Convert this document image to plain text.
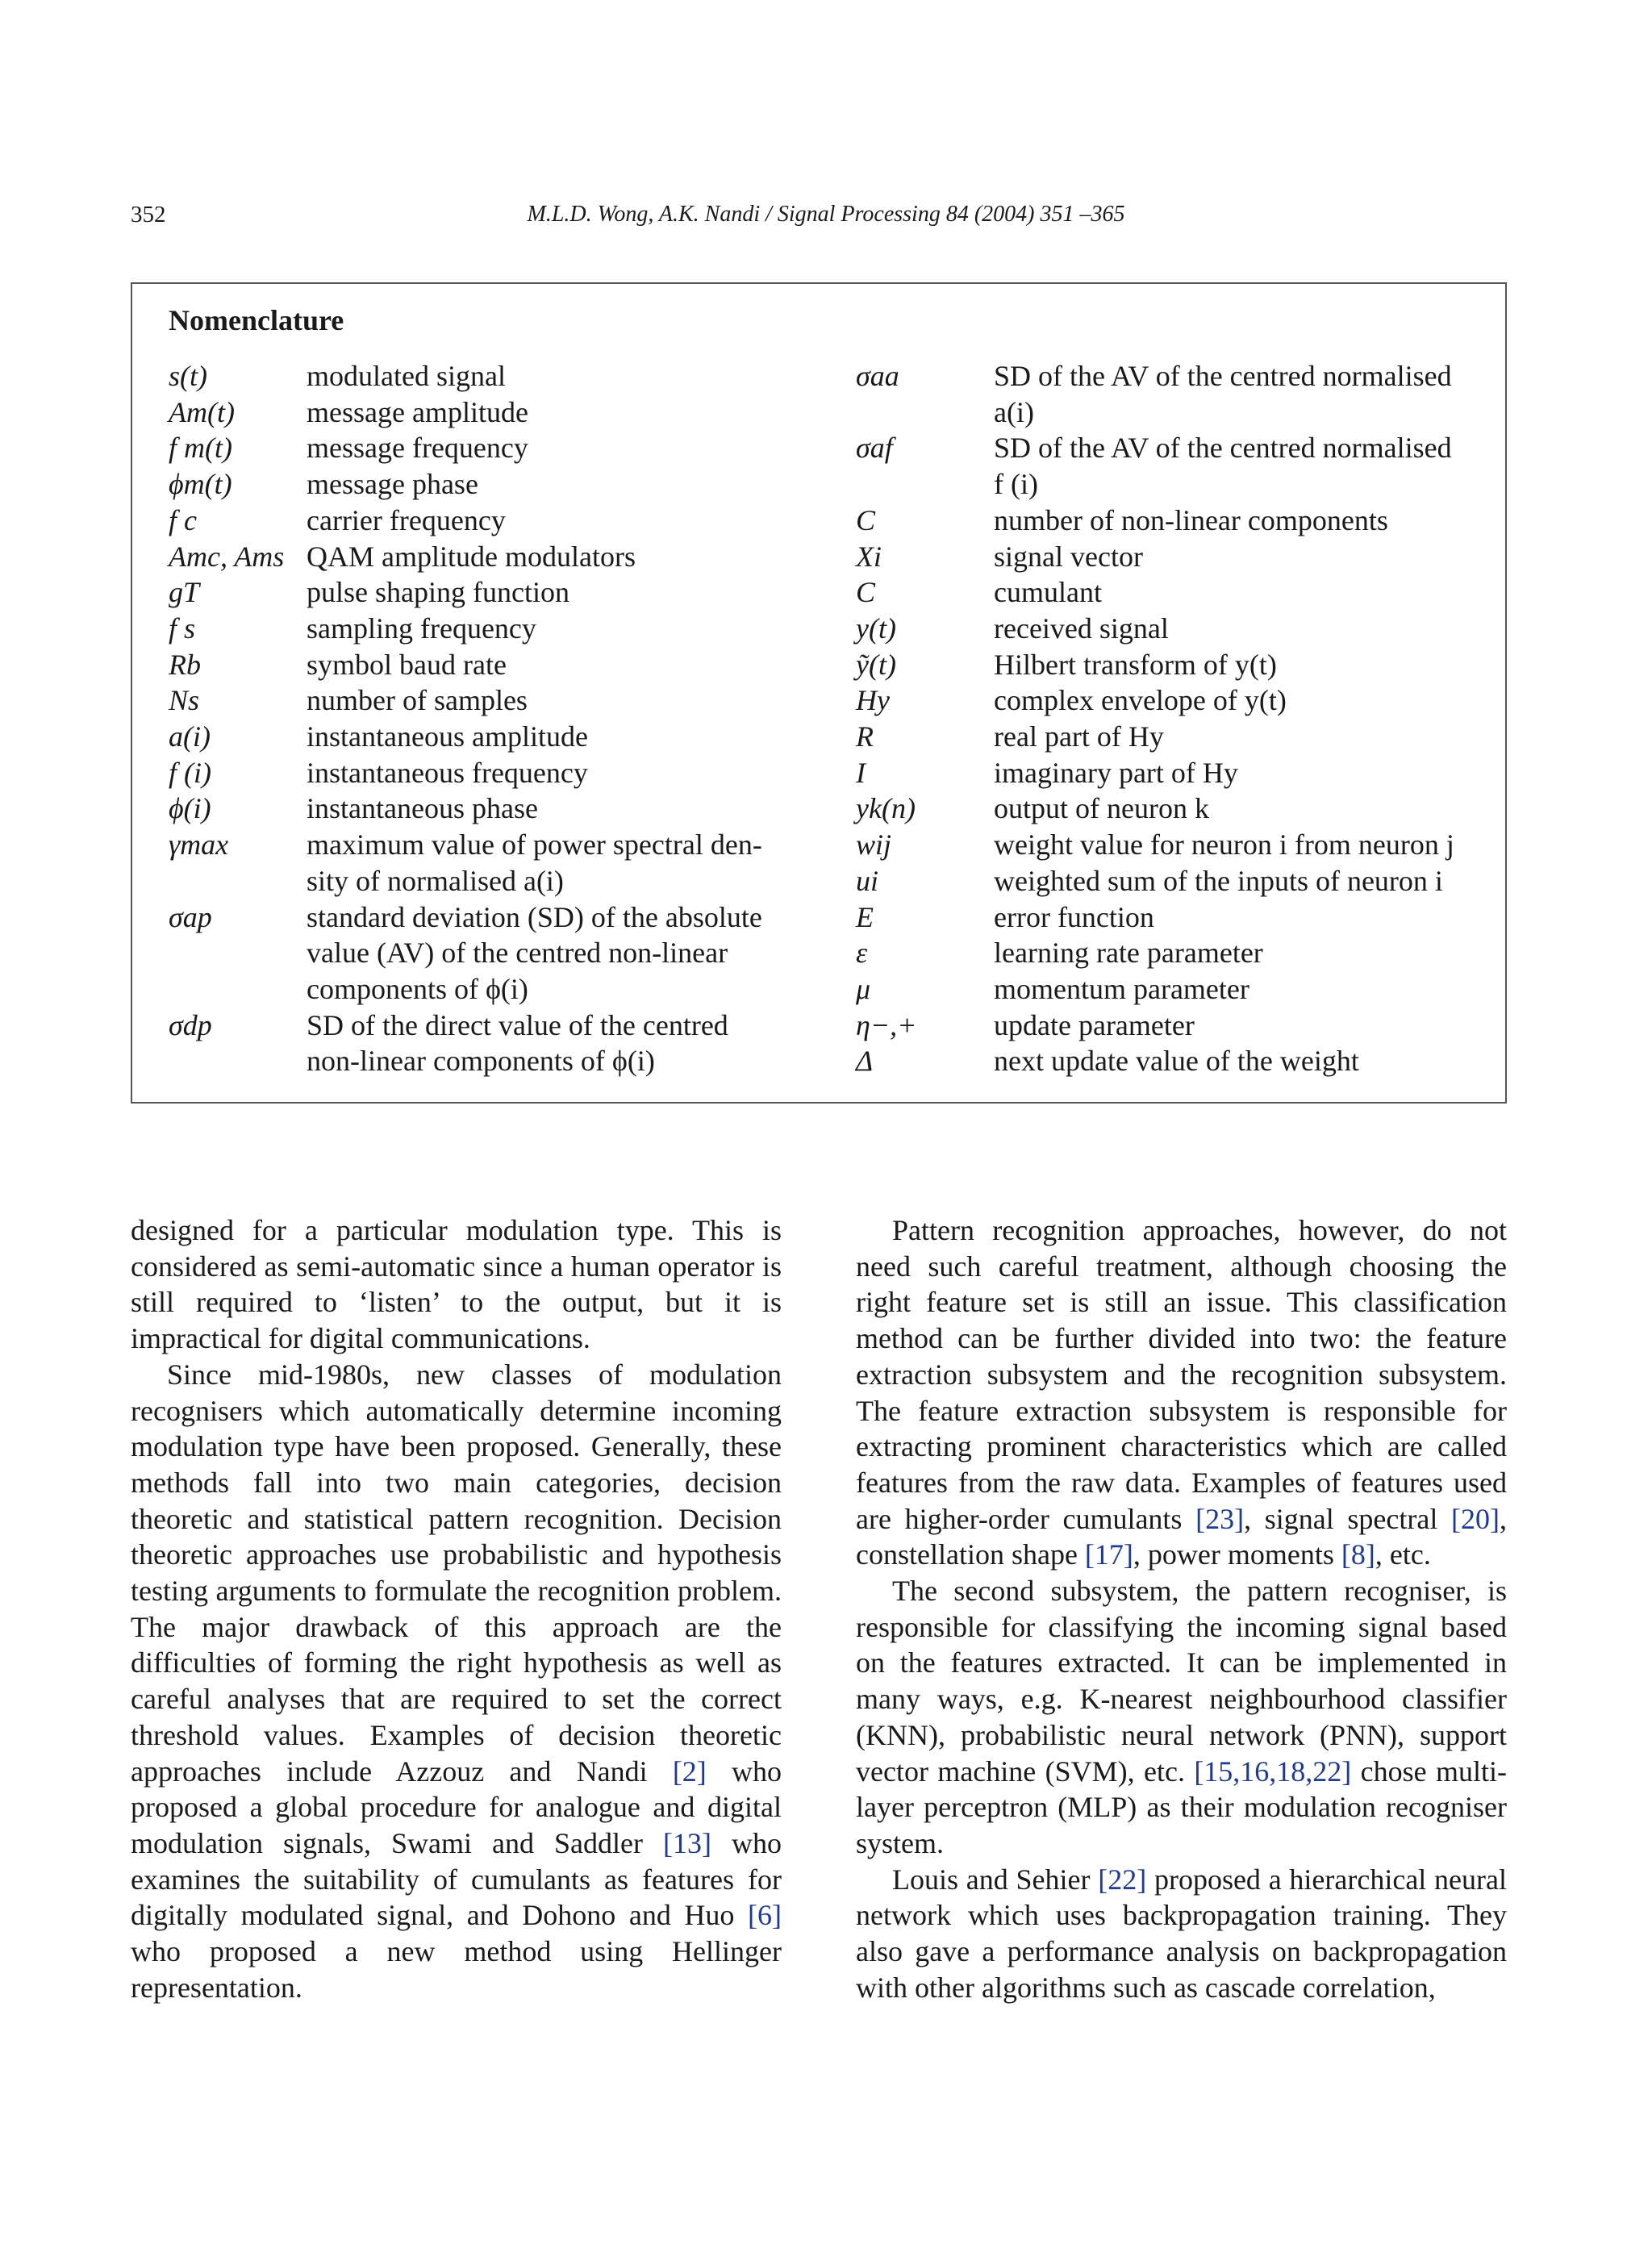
352	M.L.D. Wong, A.K. Nandi / Signal Processing 84 (2004) 351 –365
Nomenclature
s(t)	modulated signal
Am(t)	message amplitude
f m(t)	message frequency
ϕm(t)	message phase
f c	carrier frequency
Amc, Ams QAM amplitude modulators
gT	pulse shaping function
f s	sampling frequency
Rb	symbol baud rate
Ns	number of samples
a(i)	instantaneous amplitude
f (i)	instantaneous frequency
ϕ(i)	instantaneous phase
γmax	maximum value of power spectral den-
sity of normalised a(i)
σap	standard deviation (SD) of the absolute
value (AV) of the centred non-linear
components of ϕ(i)
σdp	SD of the direct value of the centred
non-linear components of ϕ(i)
σaa	SD of the AV of the centred normalised
a(i)
σaf	SD of the AV of the centred normalised
f (i)
C	number of non-linear components
Xi	signal vector
C	cumulant
y(t)	received signal
ỹ(t)	Hilbert transform of y(t)
Hy	complex envelope of y(t)
R	real part of Hy
I	imaginary part of Hy
yk(n)	output of neuron k
wij	weight value for neuron i from neuron j
ui	weighted sum of the inputs of neuron i
E	error function
ε	learning rate parameter
μ	momentum parameter
η−,+	update parameter
Δ	next update value of the weight

designed for a particular modulation type. This is considered as semi-automatic since a human operator is still required to ‘listen’ to the output, but it is impractical for digital communications.

Since mid-1980s, new classes of modulation recognisers which automatically determine incoming modulation type have been proposed. Generally, these methods fall into two main categories, decision theoretic and statistical pattern recognition. Decision theoretic approaches use probabilistic and hypothesis testing arguments to formulate the recognition problem. The major drawback of this approach are the difficulties of forming the right hypothesis as well as careful analyses that are required to set the correct threshold values. Examples of decision theoretic approaches include Azzouz and Nandi [2] who proposed a global procedure for analogue and digital modulation signals, Swami and Saddler [13] who examines the suitability of cumulants as features for digitally modulated signal, and Dohono and Huo [6] who proposed a new method using Hellinger representation.

Pattern recognition approaches, however, do not need such careful treatment, although choosing the right feature set is still an issue. This classification method can be further divided into two: the feature extraction subsystem and the recognition subsystem. The feature extraction subsystem is responsible for extracting prominent characteristics which are called features from the raw data. Examples of features used are higher-order cumulants [23], signal spectral [20], constellation shape [17], power moments [8], etc.

The second subsystem, the pattern recogniser, is responsible for classifying the incoming signal based on the features extracted. It can be implemented in many ways, e.g. K-nearest neighbourhood classifier (KNN), probabilistic neural network (PNN), support vector machine (SVM), etc. [15,16,18,22] chose multi-layer perceptron (MLP) as their modulation recogniser system.

Louis and Sehier [22] proposed a hierarchical neural network which uses backpropagation training. They also gave a performance analysis on backpropagation with other algorithms such as cascade correlation,
